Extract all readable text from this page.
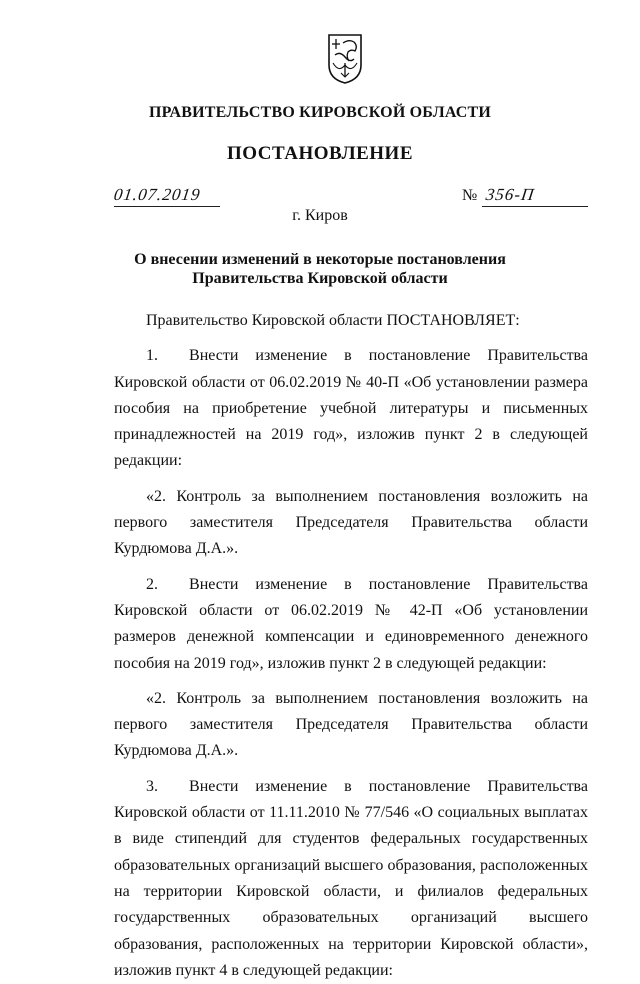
ПРАВИТЕЛЬСТВО КИРОВСКОЙ ОБЛАСТИ
ПОСТАНОВЛЕНИЕ
01.07.2019	№ 356-П
г. Киров
О внесении изменений в некоторые постановления
Правительства Кировской области

Правительство Кировской области ПОСТАНОВЛЯЕТ:

1. Внести изменение в постановление Правительства Кировской области от 06.02.2019 № 40-П «Об установлении размера пособия на приобретение учебной литературы и письменных принадлежностей на 2019 год», изложив пункт 2 в следующей редакции:

«2. Контроль за выполнением постановления возложить на первого заместителя Председателя Правительства области Курдюмова Д.А.».

2. Внести изменение в постановление Правительства Кировской области от 06.02.2019 № 42-П «Об установлении размеров денежной компенсации и единовременного денежного пособия на 2019 год», изложив пункт 2 в следующей редакции:

«2. Контроль за выполнением постановления возложить на первого заместителя Председателя Правительства области Курдюмова Д.А.».

3. Внести изменение в постановление Правительства Кировской области от 11.11.2010 № 77/546 «О социальных выплатах в виде стипендий для студентов федеральных государственных образовательных организаций высшего образования, расположенных на территории Кировской области, и филиалов федеральных государственных образовательных организаций высшего образования, расположенных на территории Кировской области», изложив пункт 4 в следующей редакции:
